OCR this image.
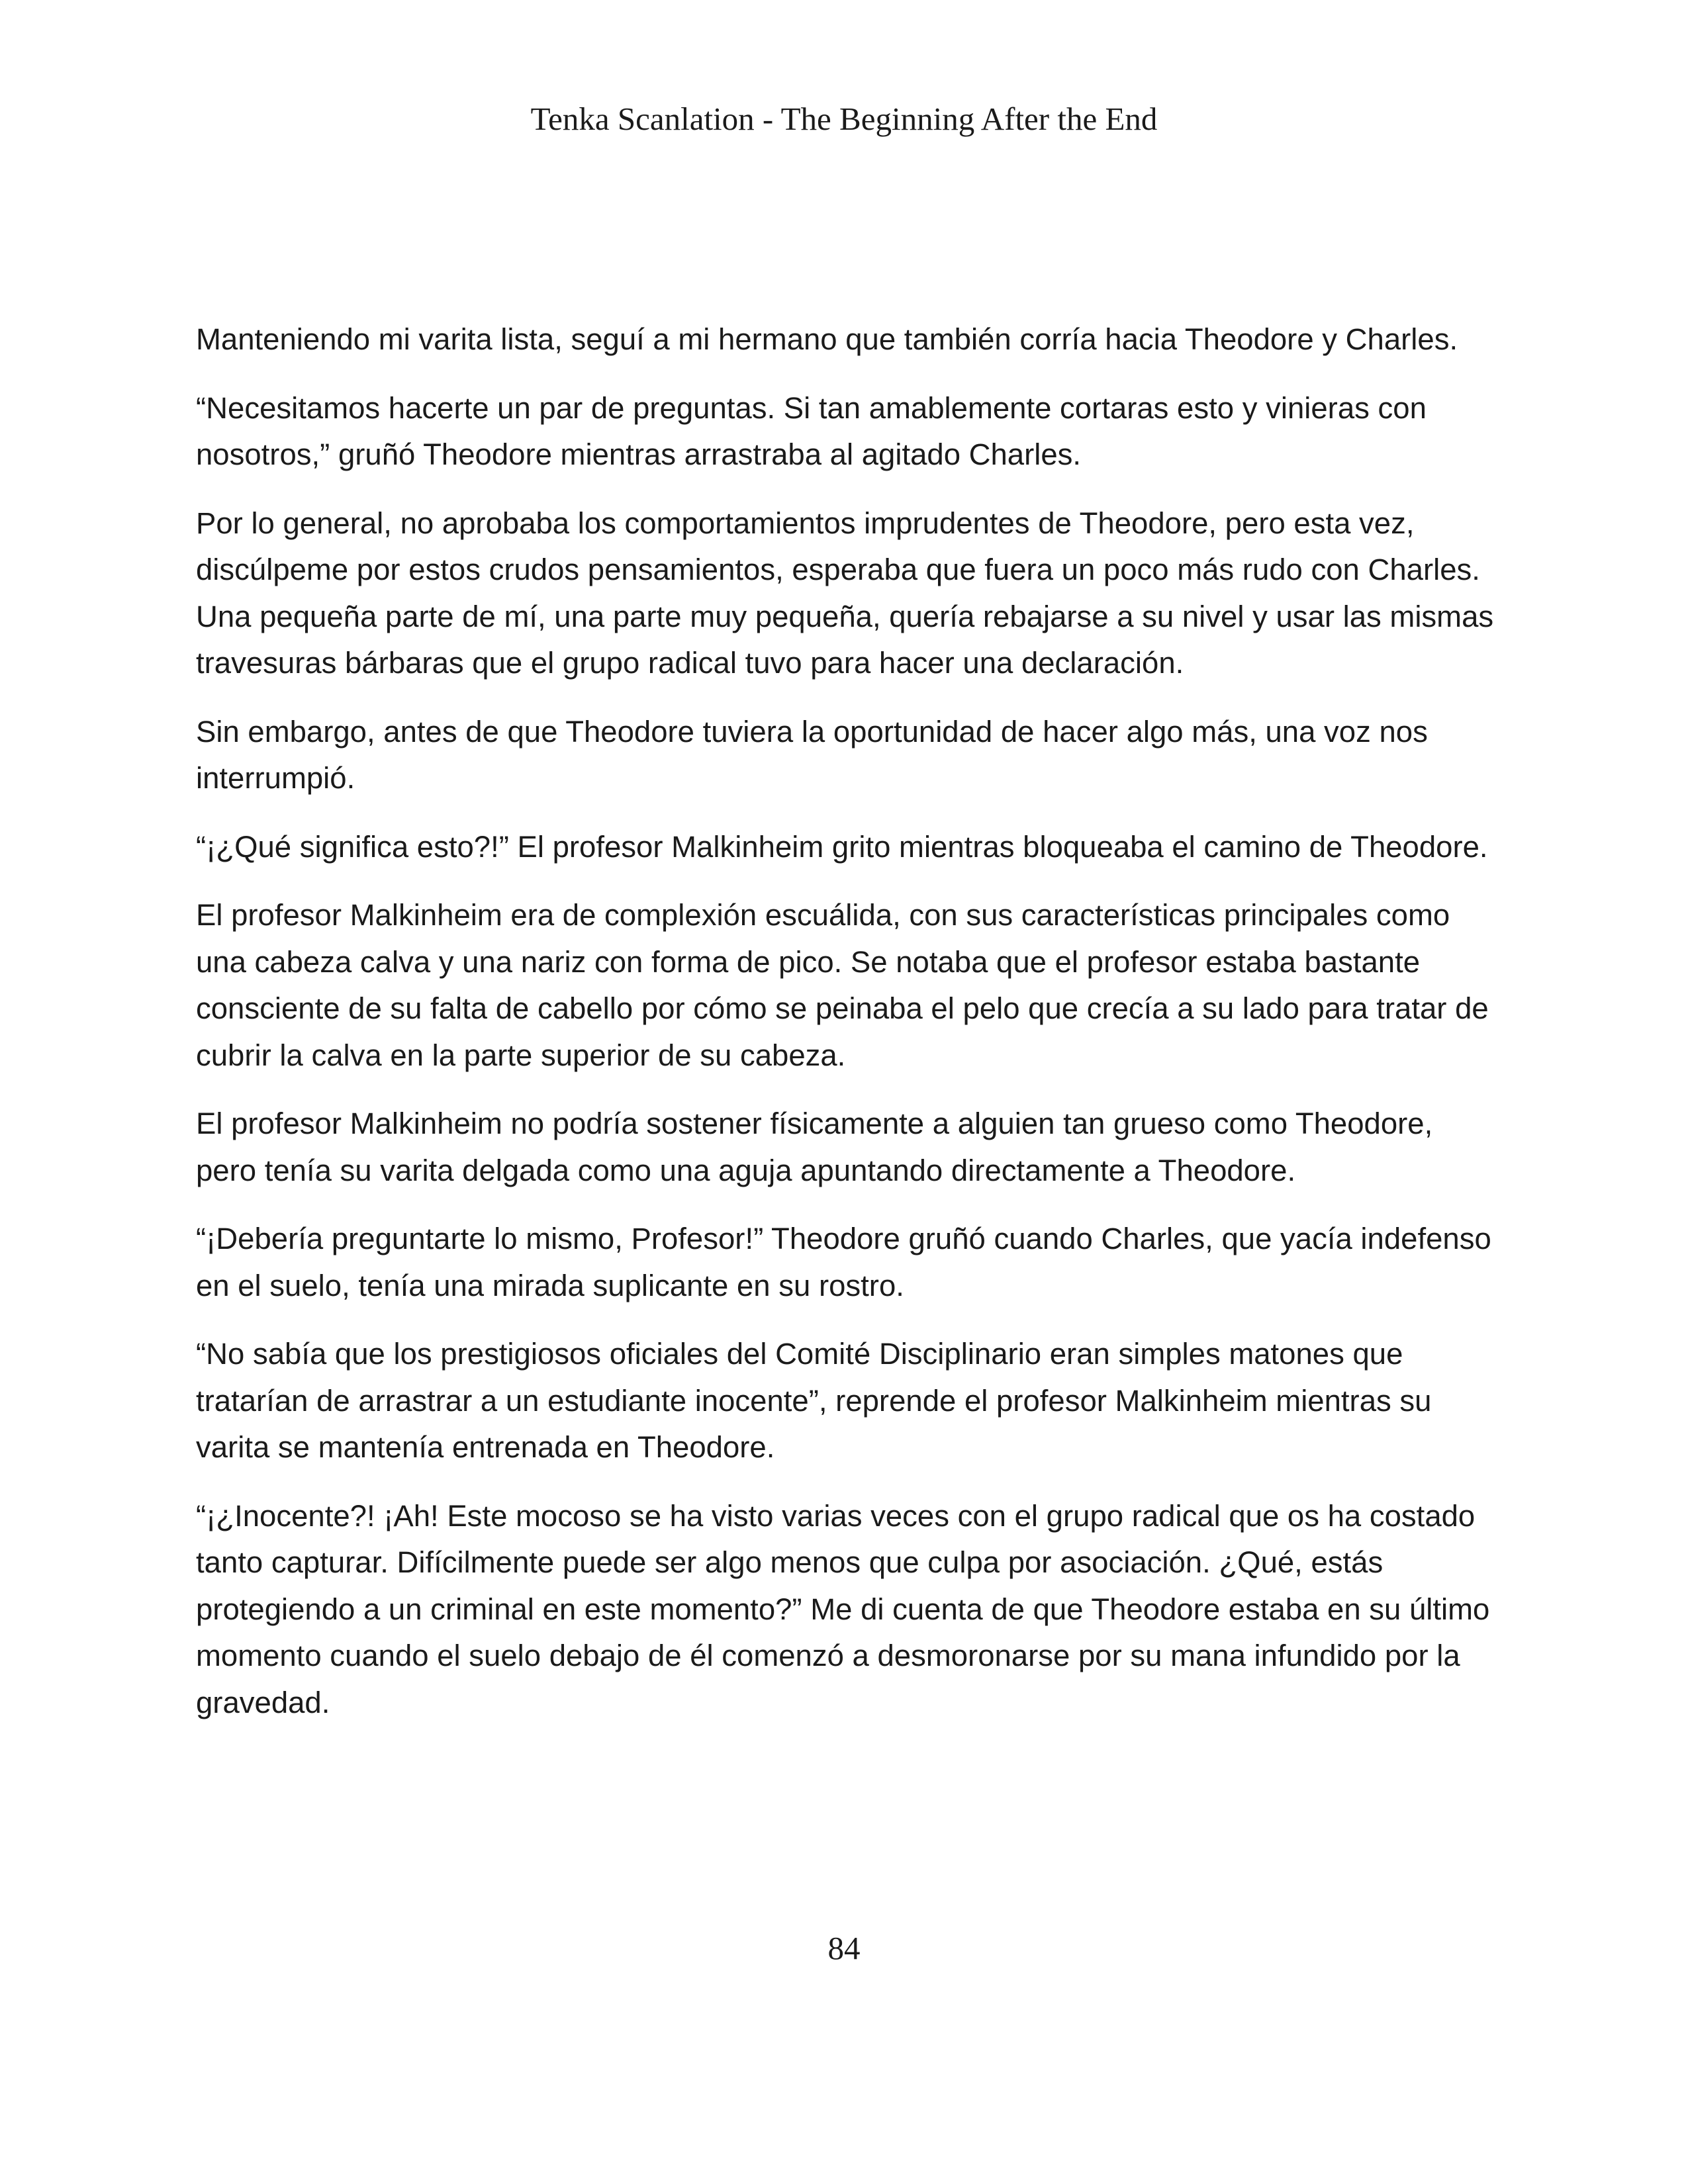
Tenka Scanlation - The Beginning After the End

Manteniendo mi varita lista, seguí a mi hermano que también corría hacia Theodore y Charles.

“Necesitamos hacerte un par de preguntas. Si tan amablemente cortaras esto y vinieras con nosotros,” gruñó Theodore mientras arrastraba al agitado Charles.

Por lo general, no aprobaba los comportamientos imprudentes de Theodore, pero esta vez, discúlpeme por estos crudos pensamientos, esperaba que fuera un poco más rudo con Charles. Una pequeña parte de mí, una parte muy pequeña, quería rebajarse a su nivel y usar las mismas travesuras bárbaras que el grupo radical tuvo para hacer una declaración.

Sin embargo, antes de que Theodore tuviera la oportunidad de hacer algo más, una voz nos interrumpió.

“¡¿Qué significa esto?!” El profesor Malkinheim grito mientras bloqueaba el camino de Theodore.

El profesor Malkinheim era de complexión escuálida, con sus características principales como una cabeza calva y una nariz con forma de pico. Se notaba que el profesor estaba bastante consciente de su falta de cabello por cómo se peinaba el pelo que crecía a su lado para tratar de cubrir la calva en la parte superior de su cabeza.

El profesor Malkinheim no podría sostener físicamente a alguien tan grueso como Theodore, pero tenía su varita delgada como una aguja apuntando directamente a Theodore.

“¡Debería preguntarte lo mismo, Profesor!” Theodore gruñó cuando Charles, que yacía indefenso en el suelo, tenía una mirada suplicante en su rostro.

“No sabía que los prestigiosos oficiales del Comité Disciplinario eran simples matones que tratarían de arrastrar a un estudiante inocente”, reprende el profesor Malkinheim mientras su varita se mantenía entrenada en Theodore.

“¡¿Inocente?! ¡Ah! Este mocoso se ha visto varias veces con el grupo radical que os ha costado tanto capturar. Difícilmente puede ser algo menos que culpa por asociación. ¿Qué, estás protegiendo a un criminal en este momento?” Me di cuenta de que Theodore estaba en su último momento cuando el suelo debajo de él comenzó a desmoronarse por su mana infundido por la gravedad.

84
